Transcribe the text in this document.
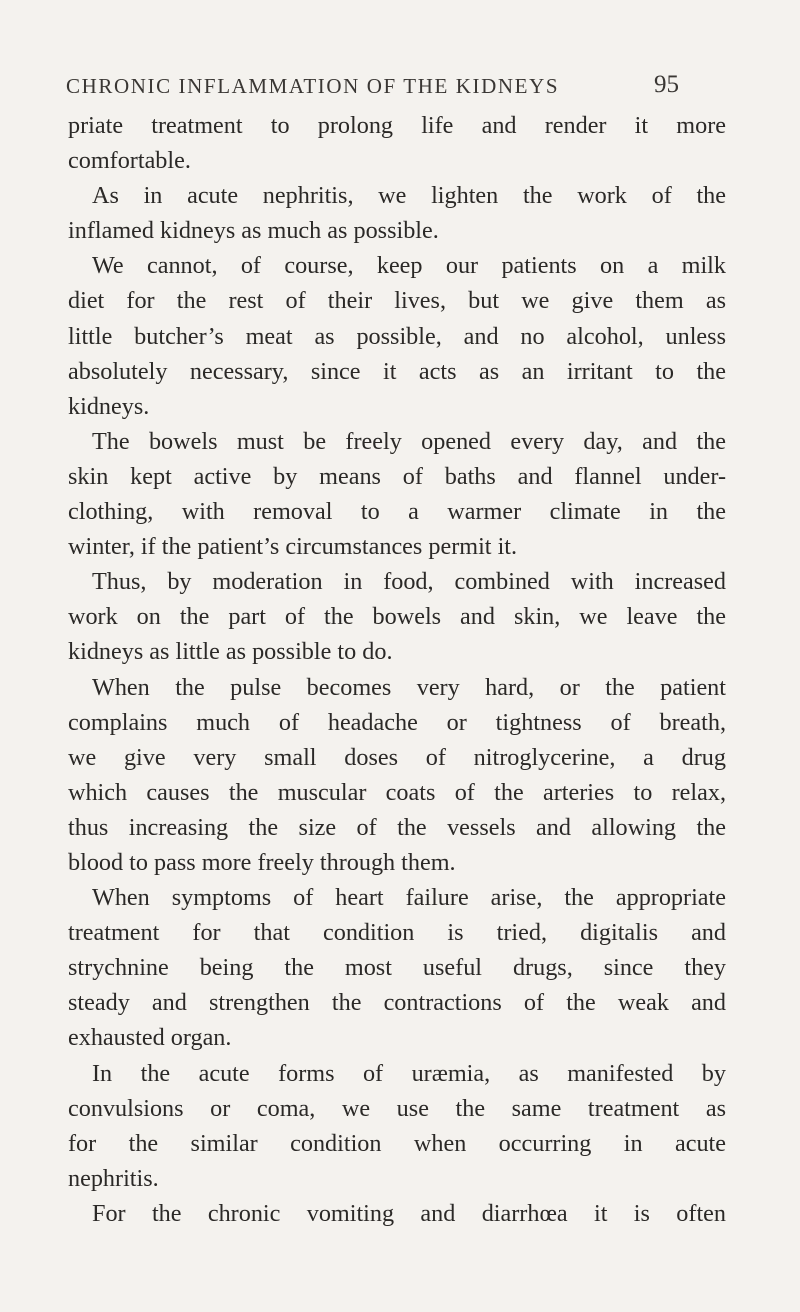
CHRONIC INFLAMMATION OF THE KIDNEYS	95
priate treatment to prolong life and render it more
comfortable.
As in acute nephritis, we lighten the work of the
inflamed kidneys as much as possible.
We cannot, of course, keep our patients on a milk
diet for the rest of their lives, but we give them as
little butcher’s meat as possible, and no alcohol, unless
absolutely necessary, since it acts as an irritant to the
kidneys.
The bowels must be freely opened every day, and the
skin kept active by means of baths and flannel under-
clothing, with removal to a warmer climate in the
winter, if the patient’s circumstances permit it.
Thus, by moderation in food, combined with increased
work on the part of the bowels and skin, we leave the
kidneys as little as possible to do.
When the pulse becomes very hard, or the patient
complains much of headache or tightness of breath,
we give very small doses of nitroglycerine, a drug
which causes the muscular coats of the arteries to relax,
thus increasing the size of the vessels and allowing the
blood to pass more freely through them.
When symptoms of heart failure arise, the appropriate
treatment for that condition is tried, digitalis and
strychnine being the most useful drugs, since they
steady and strengthen the contractions of the weak and
exhausted organ.
In the acute forms of uræmia, as manifested by
convulsions or coma, we use the same treatment as
for the similar condition when occurring in acute
nephritis.
For the chronic vomiting and diarrhœa it is often
